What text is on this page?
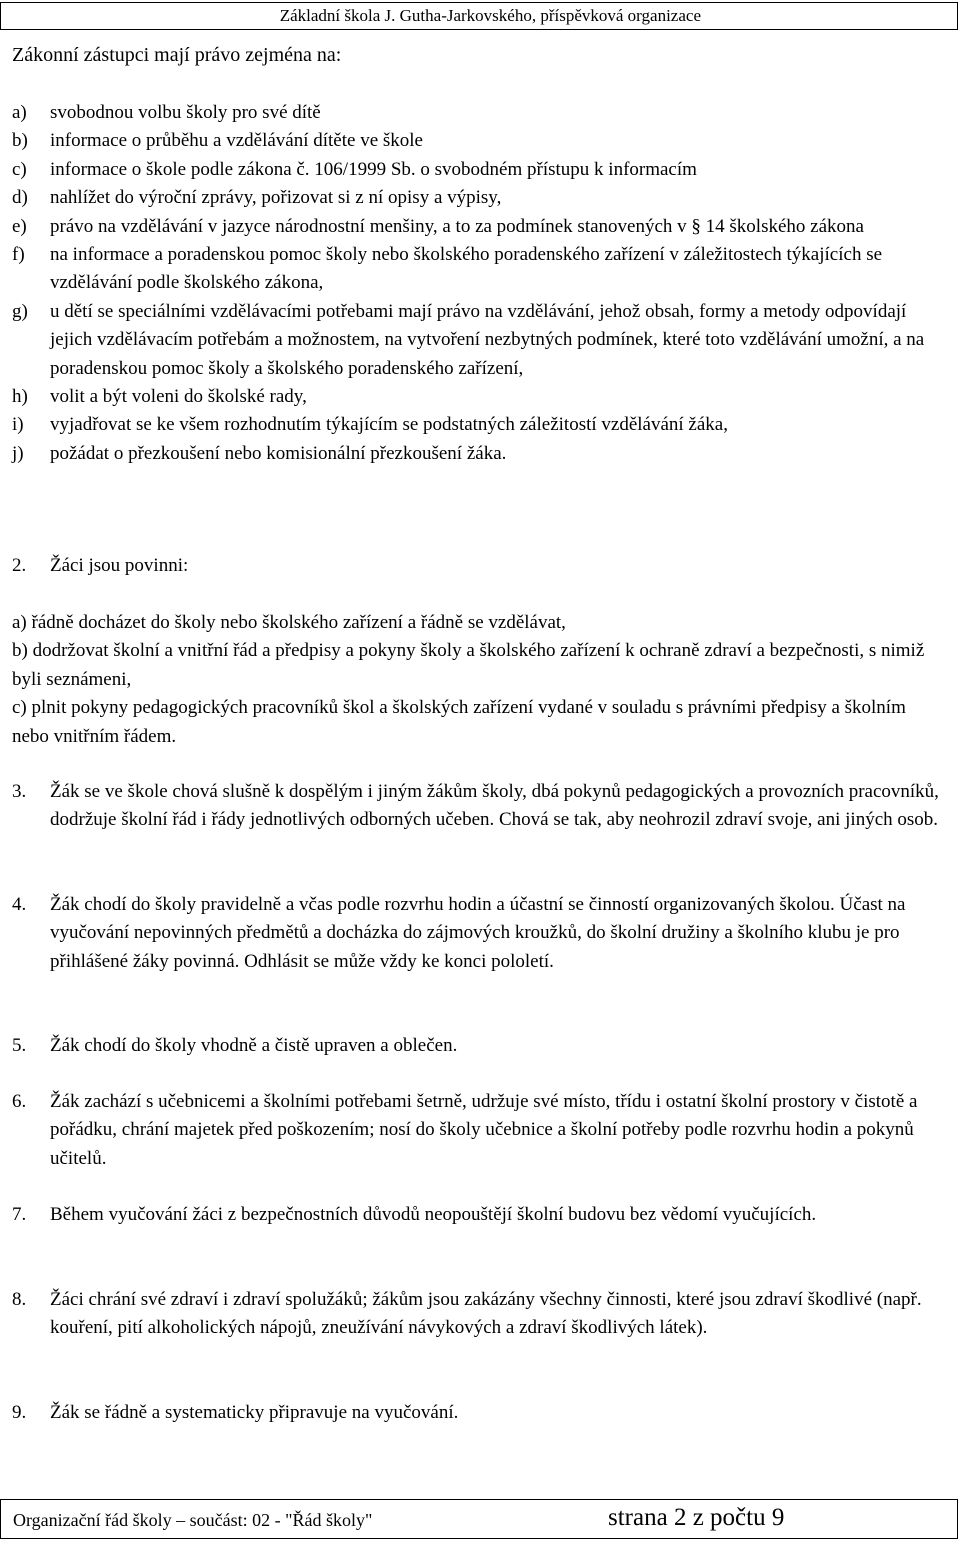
Základní škola J. Gutha-Jarkovského, příspěvková organizace
Zákonní zástupci mají právo zejména na:
a)	svobodnou volbu školy pro své dítě
b)	informace o průběhu a vzdělávání dítěte ve škole
c)	informace o škole podle zákona č. 106/1999 Sb. o svobodném přístupu k informacím
d)	nahlížet do výroční zprávy, pořizovat si z ní opisy a výpisy,
e)	právo na vzdělávání v jazyce národnostní menšiny, a to za podmínek stanovených v § 14 školského zákona
f)	na informace a poradenskou pomoc školy nebo školského poradenského zařízení v záležitostech týkajících se vzdělávání podle školského zákona,
g)	u dětí se speciálními vzdělávacími potřebami mají právo na vzdělávání, jehož obsah, formy a metody odpovídají jejich vzdělávacím potřebám a možnostem, na vytvoření nezbytných podmínek, které toto vzdělávání umožní, a na poradenskou pomoc školy a školského poradenského zařízení,
h)	volit a být voleni do školské rady,
i)	vyjadřovat se ke všem rozhodnutím týkajícím se podstatných záležitostí vzdělávání žáka,
j)	požádat o přezkoušení nebo komisionální přezkoušení žáka.
2.	Žáci jsou povinni:
a) řádně docházet do školy nebo školského zařízení a řádně se vzdělávat,
b) dodržovat školní a vnitřní řád a předpisy a pokyny školy a školského zařízení k ochraně zdraví a bezpečnosti, s nimiž byli seznámeni,
c) plnit pokyny pedagogických pracovníků škol a školských zařízení vydané v souladu s právními předpisy a školním nebo vnitřním řádem.
3.	Žák se ve škole chová slušně k dospělým i jiným žákům školy, dbá pokynů pedagogických a provozních pracovníků, dodržuje školní řád i řády jednotlivých odborných učeben. Chová se tak, aby neohrozil zdraví svoje, ani jiných osob.
4.	Žák chodí do školy pravidelně a včas podle rozvrhu hodin a účastní se činností organizovaných školou. Účast na vyučování nepovinných předmětů a docházka do zájmových kroužků, do školní družiny a školního klubu je pro přihlášené žáky povinná. Odhlásit se může vždy ke konci pololetí.
5.	Žák chodí do školy vhodně a čistě upraven a oblečen.
6.	Žák zachází s učebnicemi a školními potřebami šetrně, udržuje své místo, třídu i ostatní školní prostory v čistotě a pořádku, chrání majetek před poškozením; nosí do školy učebnice a školní potřeby podle rozvrhu hodin a pokynů učitelů.
7.	Během vyučování žáci z bezpečnostních důvodů neopouštějí školní budovu bez vědomí vyučujících.
8.	Žáci chrání své zdraví i zdraví spolužáků; žákům jsou zakázány všechny činnosti, které jsou zdraví škodlivé (např. kouření, pití alkoholických nápojů, zneužívání návykových a zdraví škodlivých látek).
9.	Žák se řádně a systematicky připravuje na vyučování.
Organizační řád školy – součást: 02 - "Řád školy"	strana 2 z počtu 9
